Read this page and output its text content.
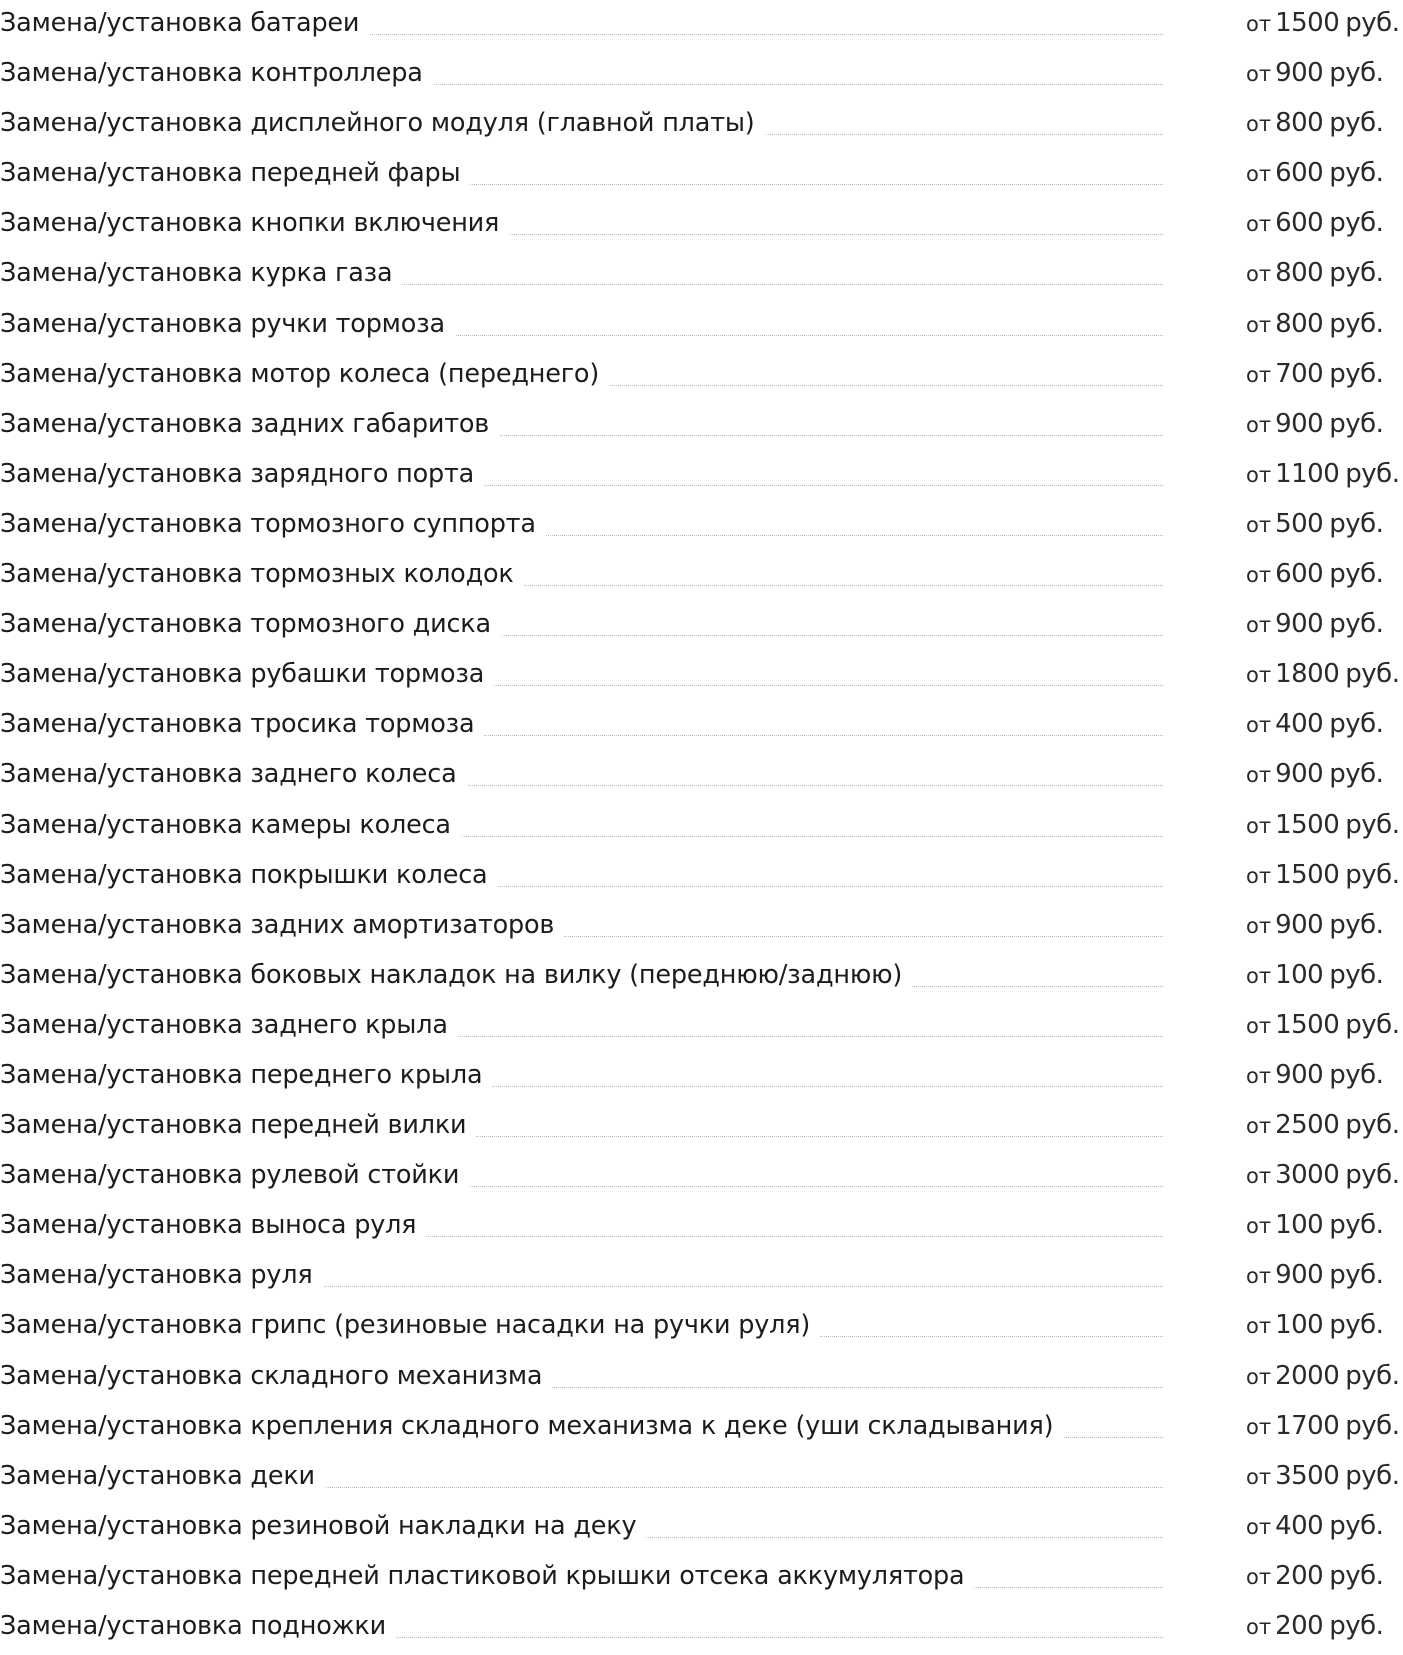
Замена/установка батареи	от 1500 руб.
Замена/установка контроллера	от 900 руб.
Замена/установка дисплейного модуля (главной платы)	от 800 руб.
Замена/установка передней фары	от 600 руб.
Замена/установка кнопки включения	от 600 руб.
Замена/установка курка газа	от 800 руб.
Замена/установка ручки тормоза	от 800 руб.
Замена/установка мотор колеса (переднего)	от 700 руб.
Замена/установка задних габаритов	от 900 руб.
Замена/установка зарядного порта	от 1100 руб.
Замена/установка тормозного суппорта	от 500 руб.
Замена/установка тормозных колодок	от 600 руб.
Замена/установка тормозного диска	от 900 руб.
Замена/установка рубашки тормоза	от 1800 руб.
Замена/установка тросика тормоза	от 400 руб.
Замена/установка заднего колеса	от 900 руб.
Замена/установка камеры колеса	от 1500 руб.
Замена/установка покрышки колеса	от 1500 руб.
Замена/установка задних амортизаторов	от 900 руб.
Замена/установка боковых накладок на вилку (переднюю/заднюю)	от 100 руб.
Замена/установка заднего крыла	от 1500 руб.
Замена/установка переднего крыла	от 900 руб.
Замена/установка передней вилки	от 2500 руб.
Замена/установка рулевой стойки	от 3000 руб.
Замена/установка выноса руля	от 100 руб.
Замена/установка руля	от 900 руб.
Замена/установка грипс (резиновые насадки на ручки руля)	от 100 руб.
Замена/установка складного механизма	от 2000 руб.
Замена/установка крепления складного механизма к деке (уши складывания)	от 1700 руб.
Замена/установка деки	от 3500 руб.
Замена/установка резиновой накладки на деку	от 400 руб.
Замена/установка передней пластиковой крышки отсека аккумулятора	от 200 руб.
Замена/установка подножки	от 200 руб.
